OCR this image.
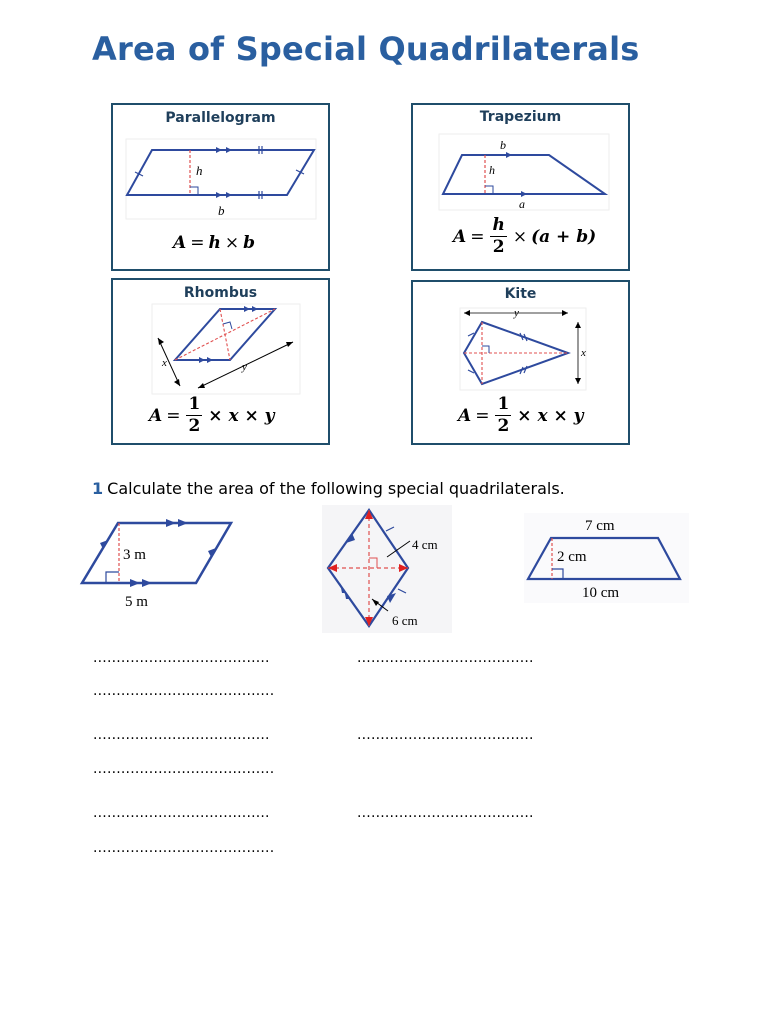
Area of Special Quadrilaterals
Parallelogram
h
b
A = h × b
Trapezium
b
h
a
$A = \frac{h}{2} \times (a + b)$
Rhombus
x	y
$A = \frac{1}{2} \times x \times y$
Kite
y
x
$A = \frac{1}{2} \times x \times y$
1 Calculate the area of the following special quadrilaterals.
3 m
5 m
4 cm
6 cm
7 cm
2 cm
10 cm
......................................	......................................
.......................................
......................................	......................................
.......................................
......................................	......................................
.......................................
